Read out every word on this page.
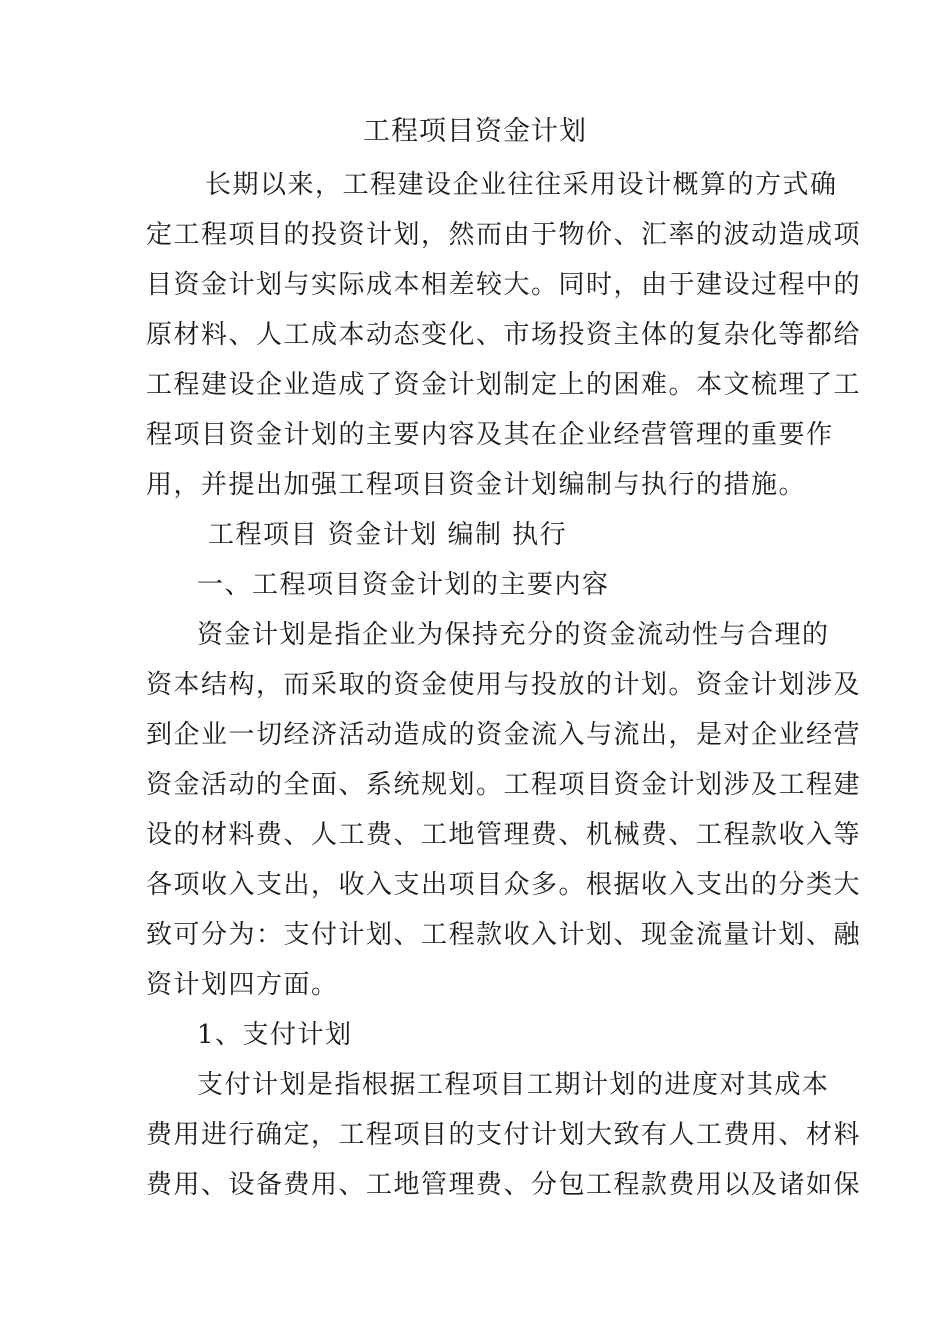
工程项目资金计划
长期以来，工程建设企业往往采用设计概算的方式确
定工程项目的投资计划，然而由于物价、汇率的波动造成项
目资金计划与实际成本相差较大。同时，由于建设过程中的
原材料、人工成本动态变化、市场投资主体的复杂化等都给
工程建设企业造成了资金计划制定上的困难。本文梳理了工
程项目资金计划的主要内容及其在企业经营管理的重要作
用，并提出加强工程项目资金计划编制与执行的措施。
工程项目 资金计划 编制 执行
一、工程项目资金计划的主要内容
资金计划是指企业为保持充分的资金流动性与合理的
资本结构，而采取的资金使用与投放的计划。资金计划涉及
到企业一切经济活动造成的资金流入与流出，是对企业经营
资金活动的全面、系统规划。工程项目资金计划涉及工程建
设的材料费、人工费、工地管理费、机械费、工程款收入等
各项收入支出，收入支出项目众多。根据收入支出的分类大
致可分为：支付计划、工程款收入计划、现金流量计划、融
资计划四方面。
1、支付计划
支付计划是指根据工程项目工期计划的进度对其成本
费用进行确定，工程项目的支付计划大致有人工费用、材料
费用、设备费用、工地管理费、分包工程款费用以及诸如保
